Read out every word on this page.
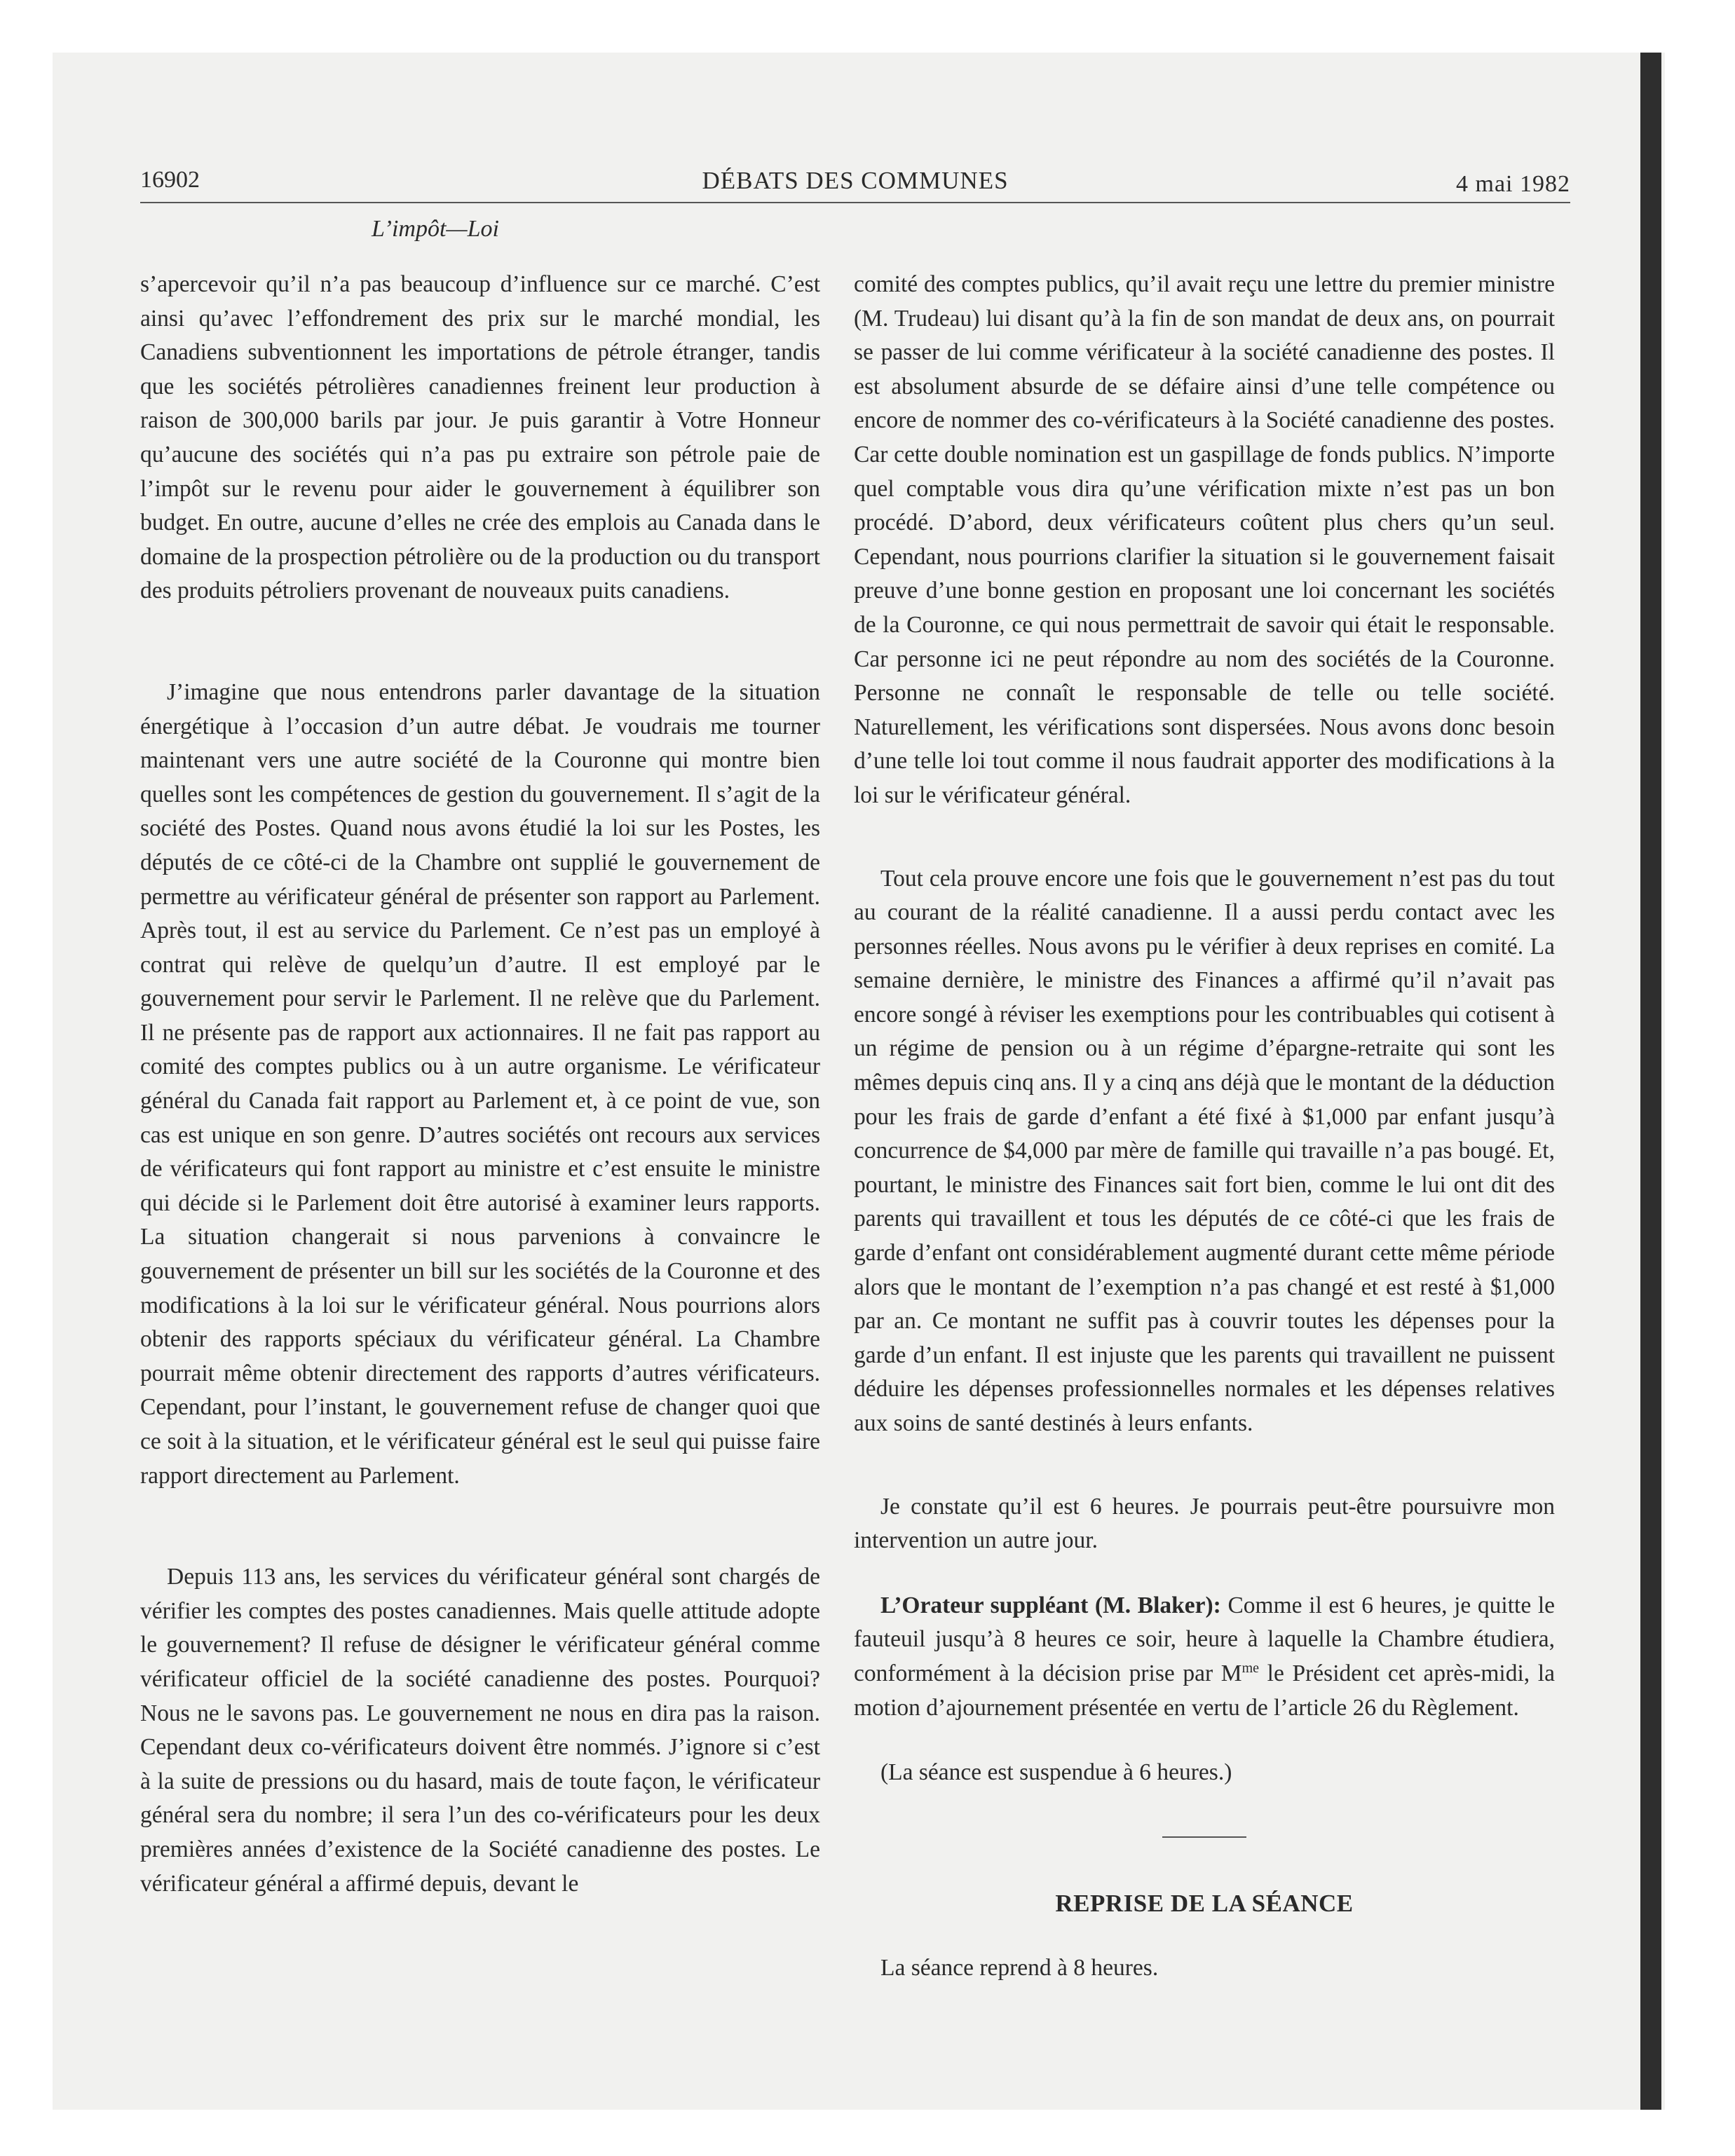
16902	DÉBATS DES COMMUNES	4 mai 1982
L’impôt—Loi

s’apercevoir qu’il n’a pas beaucoup d’influence sur ce marché. C’est ainsi qu’avec l’effondrement des prix sur le marché mondial, les Canadiens subventionnent les importations de pétrole étranger, tandis que les sociétés pétrolières canadiennes freinent leur production à raison de 300,000 barils par jour. Je puis garantir à Votre Honneur qu’aucune des sociétés qui n’a pas pu extraire son pétrole paie de l’impôt sur le revenu pour aider le gouvernement à équilibrer son budget. En outre, aucune d’elles ne crée des emplois au Canada dans le domaine de la prospection pétrolière ou de la production ou du transport des produits pétroliers provenant de nouveaux puits canadiens.

J’imagine que nous entendrons parler davantage de la situation énergétique à l’occasion d’un autre débat. Je voudrais me tourner maintenant vers une autre société de la Couronne qui montre bien quelles sont les compétences de gestion du gouvernement. Il s’agit de la société des Postes. Quand nous avons étudié la loi sur les Postes, les députés de ce côté-ci de la Chambre ont supplié le gouvernement de permettre au vérificateur général de présenter son rapport au Parlement. Après tout, il est au service du Parlement. Ce n’est pas un employé à contrat qui relève de quelqu’un d’autre. Il est employé par le gouvernement pour servir le Parlement. Il ne relève que du Parlement. Il ne présente pas de rapport aux actionnaires. Il ne fait pas rapport au comité des comptes publics ou à un autre organisme. Le vérificateur général du Canada fait rapport au Parlement et, à ce point de vue, son cas est unique en son genre. D’autres sociétés ont recours aux services de vérificateurs qui font rapport au ministre et c’est ensuite le ministre qui décide si le Parlement doit être autorisé à examiner leurs rapports. La situation changerait si nous parvenions à convaincre le gouvernement de présenter un bill sur les sociétés de la Couronne et des modifications à la loi sur le vérificateur général. Nous pourrions alors obtenir des rapports spéciaux du vérificateur général. La Chambre pourrait même obtenir directement des rapports d’autres vérificateurs. Cependant, pour l’instant, le gouvernement refuse de changer quoi que ce soit à la situation, et le vérificateur général est le seul qui puisse faire rapport directement au Parlement.

Depuis 113 ans, les services du vérificateur général sont chargés de vérifier les comptes des postes canadiennes. Mais quelle attitude adopte le gouvernement? Il refuse de désigner le vérificateur général comme vérificateur officiel de la société canadienne des postes. Pourquoi? Nous ne le savons pas. Le gouvernement ne nous en dira pas la raison. Cependant deux co-vérificateurs doivent être nommés. J’ignore si c’est à la suite de pressions ou du hasard, mais de toute façon, le vérificateur général sera du nombre; il sera l’un des co-vérificateurs pour les deux premières années d’existence de la Société canadienne des postes. Le vérificateur général a affirmé depuis, devant le

comité des comptes publics, qu’il avait reçu une lettre du premier ministre (M. Trudeau) lui disant qu’à la fin de son mandat de deux ans, on pourrait se passer de lui comme vérificateur à la société canadienne des postes. Il est absolument absurde de se défaire ainsi d’une telle compétence ou encore de nommer des co-vérificateurs à la Société canadienne des postes. Car cette double nomination est un gaspillage de fonds publics. N’importe quel comptable vous dira qu’une vérification mixte n’est pas un bon procédé. D’abord, deux vérificateurs coûtent plus chers qu’un seul. Cependant, nous pourrions clarifier la situation si le gouvernement faisait preuve d’une bonne gestion en proposant une loi concernant les sociétés de la Couronne, ce qui nous permettrait de savoir qui était le responsable. Car personne ici ne peut répondre au nom des sociétés de la Couronne. Personne ne connaît le responsable de telle ou telle société. Naturellement, les vérifications sont dispersées. Nous avons donc besoin d’une telle loi tout comme il nous faudrait apporter des modifications à la loi sur le vérificateur général.

Tout cela prouve encore une fois que le gouvernement n’est pas du tout au courant de la réalité canadienne. Il a aussi perdu contact avec les personnes réelles. Nous avons pu le vérifier à deux reprises en comité. La semaine dernière, le ministre des Finances a affirmé qu’il n’avait pas encore songé à réviser les exemptions pour les contribuables qui cotisent à un régime de pension ou à un régime d’épargne-retraite qui sont les mêmes depuis cinq ans. Il y a cinq ans déjà que le montant de la déduction pour les frais de garde d’enfant a été fixé à $1,000 par enfant jusqu’à concurrence de $4,000 par mère de famille qui travaille n’a pas bougé. Et, pourtant, le ministre des Finances sait fort bien, comme le lui ont dit des parents qui travaillent et tous les députés de ce côté-ci que les frais de garde d’enfant ont considérablement augmenté durant cette même période alors que le montant de l’exemption n’a pas changé et est resté à $1,000 par an. Ce montant ne suffit pas à couvrir toutes les dépenses pour la garde d’un enfant. Il est injuste que les parents qui travaillent ne puissent déduire les dépenses professionnelles normales et les dépenses relatives aux soins de santé destinés à leurs enfants.

Je constate qu’il est 6 heures. Je pourrais peut-être poursuivre mon intervention un autre jour.

L’Orateur suppléant (M. Blaker): Comme il est 6 heures, je quitte le fauteuil jusqu’à 8 heures ce soir, heure à laquelle la Chambre étudiera, conformément à la décision prise par $M^{me}$ le Président cet après-midi, la motion d’ajournement présentée en vertu de l’article 26 du Règlement.

(La séance est suspendue à 6 heures.)

REPRISE DE LA SÉANCE

La séance reprend à 8 heures.
